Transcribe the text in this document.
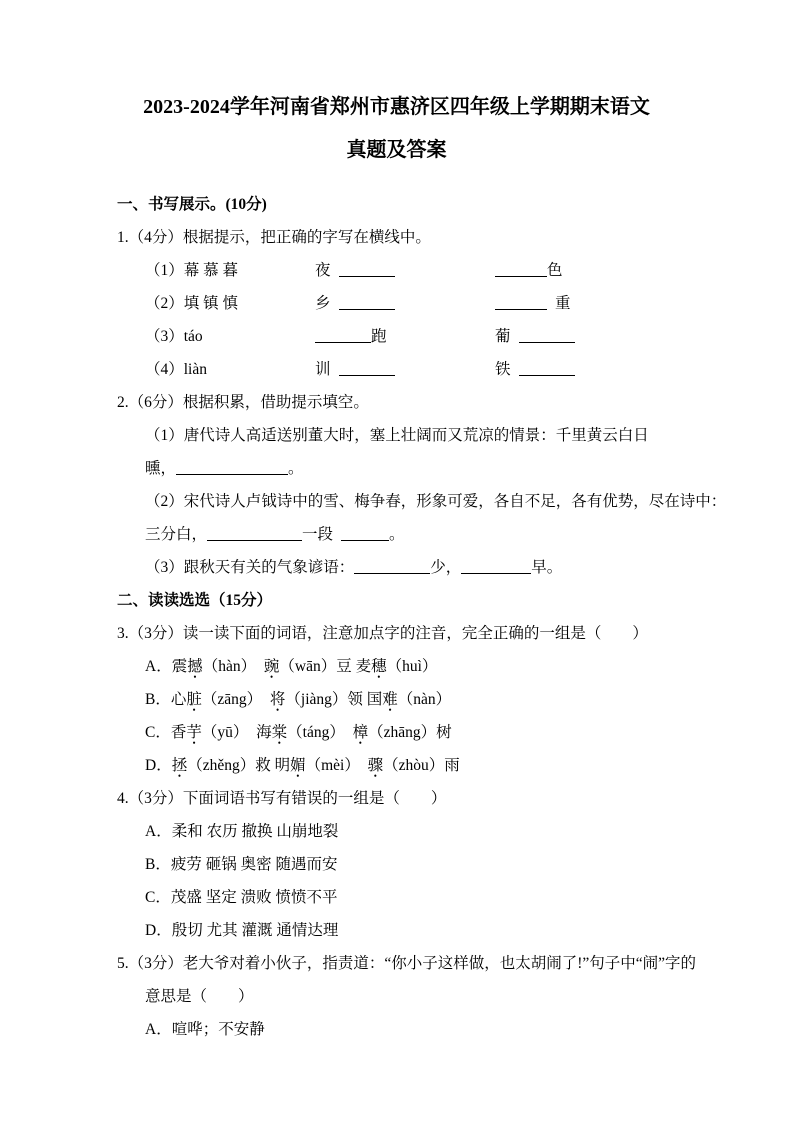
2023-2024学年河南省郑州市惠济区四年级上学期期末语文
真题及答案
一、书写展示。(10分)
1.（4分）根据提示，把正确的字写在横线中。
（1）幕 慕 暮	夜	色
（2）填 镇 慎	乡	重
（3）táo	跑	葡
（4）liàn	训	铁
2.（6分）根据积累，借助提示填空。
（1）唐代诗人高适送别董大时，塞上壮阔而又荒凉的情景：千里黄云白日
曛，	。
（2）宋代诗人卢钺诗中的雪、梅争春，形象可爱，各自不足，各有优势，尽在诗中：
三分白，	一段	。
（3）跟秋天有关的气象谚语：	少，	早。
二、读读选选（15分）
3.（3分）读一读下面的词语，注意加点字的注音，完全正确的一组是（　　）
A．震撼（hàn）　豌（wān）豆 麦穗（huì）
B．心脏（zāng）　将（jiàng）领 国难（nàn）
C．香芋（yū）　海棠（táng）　樟（zhāng）树
D．拯（zhěng）救 明媚（mèi）　骤（zhòu）雨
4.（3分）下面词语书写有错误的一组是（　　）
A．柔和 农历 撤换 山崩地裂
B．疲劳 砸锅 奥密 随遇而安
C．茂盛 坚定 溃败 愤愤不平
D．殷切 尤其 灌溉 通情达理
5.（3分）老大爷对着小伙子，指责道：“你小子这样做，也太胡闹了!”句子中“闹”字的
意思是（　　）
A．喧哗；不安静
